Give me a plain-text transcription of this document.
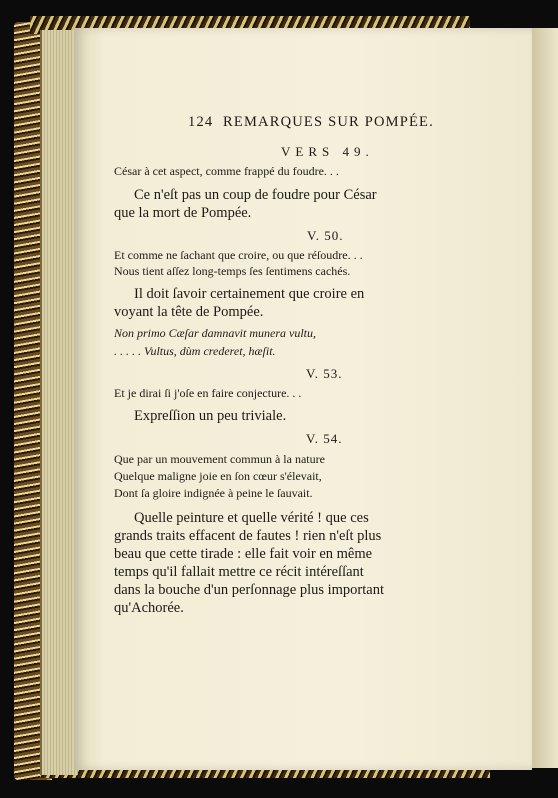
124 REMARQUES SUR POMPÉE.
VERS 49.
César à cet aspect, comme frappé du foudre. . .
Ce n'eſt pas un coup de foudre pour César
que la mort de Pompée.
V. 50.
Et comme ne ſachant que croire, ou que réſoudre. . .
Nous tient aſſez long-temps ſes ſentimens cachés.
Il doit ſavoir certainement que croire en
voyant la tête de Pompée.
Non primo Cæſar damnavit munera vultu,
. . . . . Vultus, dùm crederet, hæſit.
V. 53.
Et je dirai ſi j'oſe en faire conjecture. . .
Expreſſion un peu triviale.
V. 54.
Que par un mouvement commun à la nature
Quelque maligne joie en ſon cœur s'élevait,
Dont ſa gloire indignée à peine le ſauvait.
Quelle peinture et quelle vérité ! que ces
grands traits effacent de fautes ! rien n'eſt plus
beau que cette tirade : elle fait voir en même
temps qu'il fallait mettre ce récit intéreſſant
dans la bouche d'un perſonnage plus important
qu'Achorée.
